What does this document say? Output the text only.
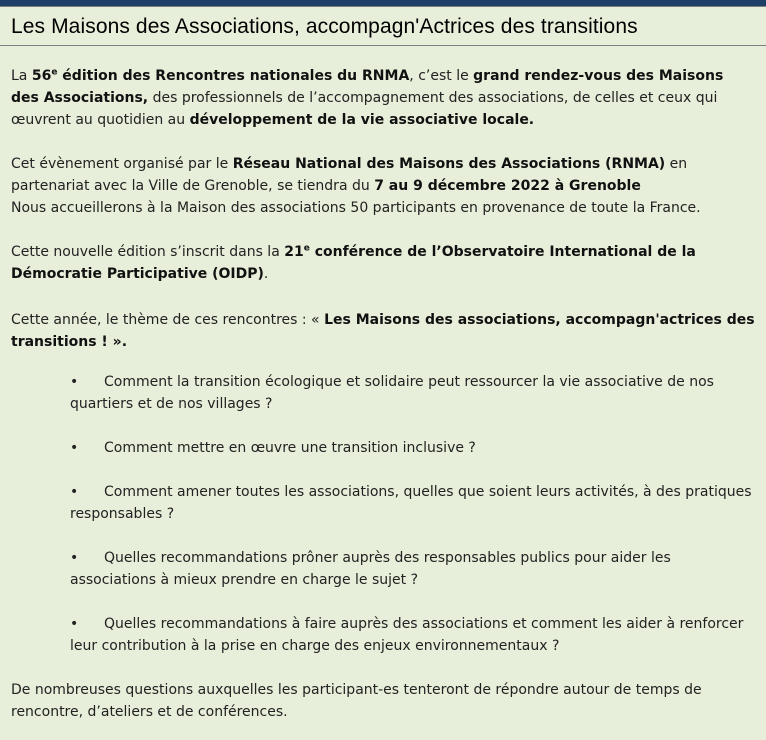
Les Maisons des Associations, accompagn'Actrices des transitions

La 56e édition des Rencontres nationales du RNMA, c’est le grand rendez-vous des Maisons des Associations, des professionnels de l’accompagnement des associations, de celles et ceux qui œuvrent au quotidien au développement de la vie associative locale.

Cet évènement organisé par le Réseau National des Maisons des Associations (RNMA) en partenariat avec la Ville de Grenoble, se tiendra du 7 au 9 décembre 2022 à Grenoble
Nous accueillerons à la Maison des associations 50 participants en provenance de toute la France.

Cette nouvelle édition s’inscrit dans la 21e conférence de l’Observatoire International de la Démocratie Participative (OIDP).

Cette année, le thème de ces rencontres : « Les Maisons des associations, accompagn'actrices des transitions ! ».

• Comment la transition écologique et solidaire peut ressourcer la vie associative de nos quartiers et de nos villages ?
• Comment mettre en œuvre une transition inclusive ?
• Comment amener toutes les associations, quelles que soient leurs activités, à des pratiques responsables ?
• Quelles recommandations prôner auprès des responsables publics pour aider les associations à mieux prendre en charge le sujet ?
• Quelles recommandations à faire auprès des associations et comment les aider à renforcer leur contribution à la prise en charge des enjeux environnementaux ?

De nombreuses questions auxquelles les participant-es tenteront de répondre autour de temps de rencontre, d’ateliers et de conférences.
